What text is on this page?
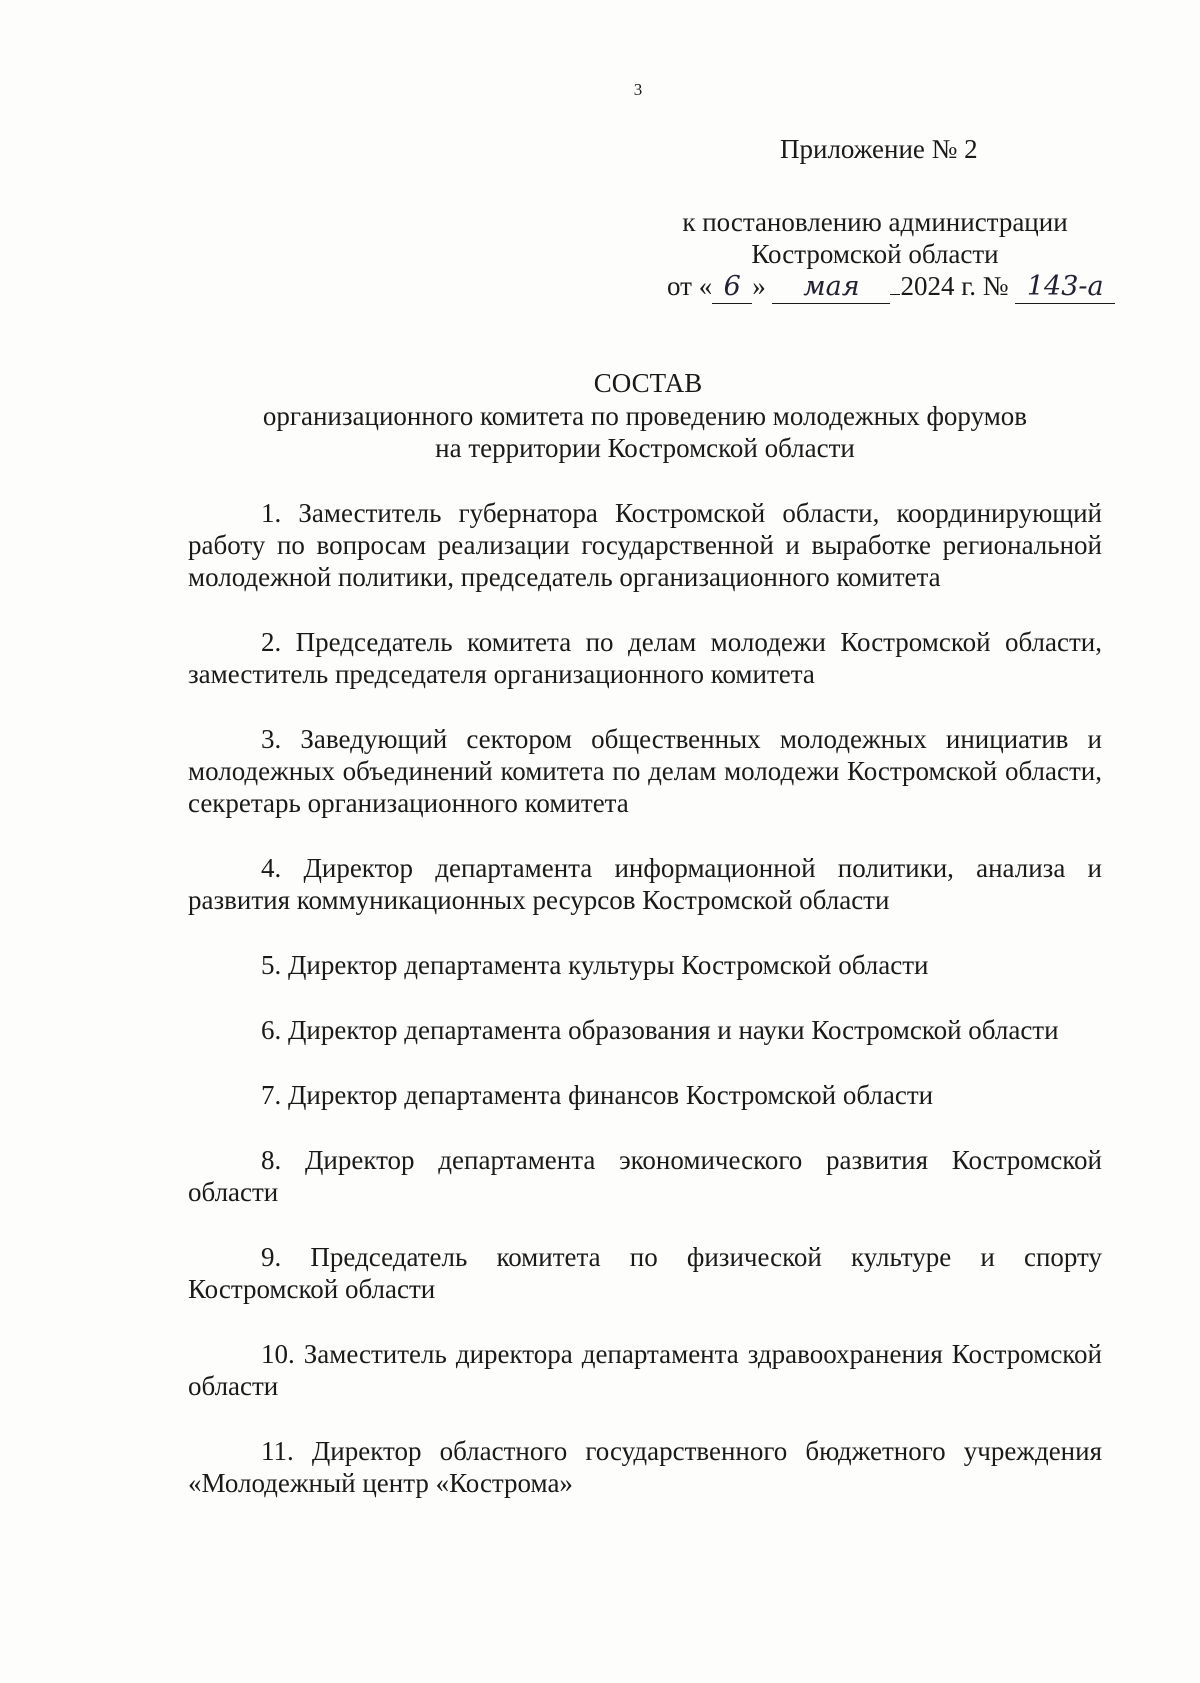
3
Приложение № 2
к постановлению администрации
Костромской области
от « 6 » мая 2024 г. № 143-а
СОСТАВ
организационного комитета по проведению молодежных форумов
на территории Костромской области

1. Заместитель губернатора Костромской области, координирующий работу по вопросам реализации государственной и выработке региональной молодежной политики, председатель организационного комитета

2. Председатель комитета по делам молодежи Костромской области, заместитель председателя организационного комитета

3. Заведующий сектором общественных молодежных инициатив и молодежных объединений комитета по делам молодежи Костромской области, секретарь организационного комитета

4. Директор департамента информационной политики, анализа и развития коммуникационных ресурсов Костромской области

5. Директор департамента культуры Костромской области

6. Директор департамента образования и науки Костромской области

7. Директор департамента финансов Костромской области

8. Директор департамента экономического развития Костромской области

9. Председатель комитета по физической культуре и спорту Костромской области

10. Заместитель директора департамента здравоохранения Костромской области

11. Директор областного государственного бюджетного учреждения «Молодежный центр «Кострома»
